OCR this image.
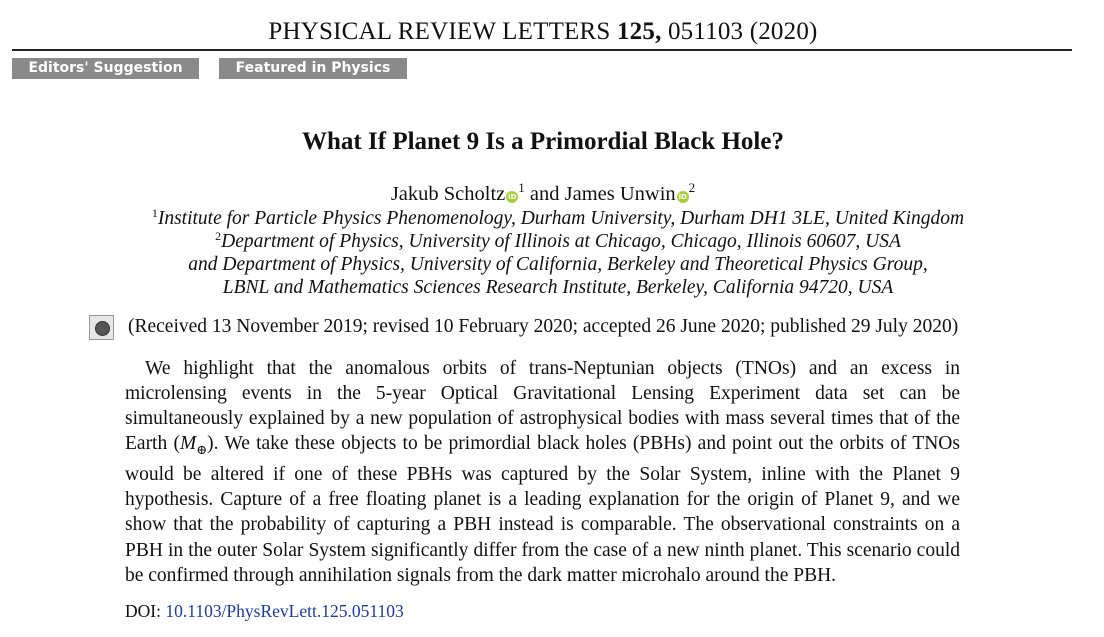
PHYSICAL REVIEW LETTERS 125, 051103 (2020)
Editors' Suggestion	Featured in Physics
What If Planet 9 Is a Primordial Black Hole?
Jakub Scholtz $iD^1$ and James Unwin $iD^2$
$^1$Institute for Particle Physics Phenomenology, Durham University, Durham DH1 3LE, United Kingdom
$^2$Department of Physics, University of Illinois at Chicago, Chicago, Illinois 60607, USA
and Department of Physics, University of California, Berkeley and Theoretical Physics Group,
LBNL and Mathematics Sciences Research Institute, Berkeley, California 94720, USA
(Received 13 November 2019; revised 10 February 2020; accepted 26 June 2020; published 29 July 2020)

We highlight that the anomalous orbits of trans-Neptunian objects (TNOs) and an excess in microlensing events in the 5-year Optical Gravitational Lensing Experiment data set can be simultaneously explained by a new population of astrophysical bodies with mass several times that of the Earth $(M_\oplus)$. We take these objects to be primordial black holes (PBHs) and point out the orbits of TNOs would be altered if one of these PBHs was captured by the Solar System, inline with the Planet 9 hypothesis. Capture of a free floating planet is a leading explanation for the origin of Planet 9, and we show that the probability of capturing a PBH instead is comparable. The observational constraints on a PBH in the outer Solar System significantly differ from the case of a new ninth planet. This scenario could be confirmed through annihilation signals from the dark matter microhalo around the PBH.

DOI: 10.1103/PhysRevLett.125.051103
